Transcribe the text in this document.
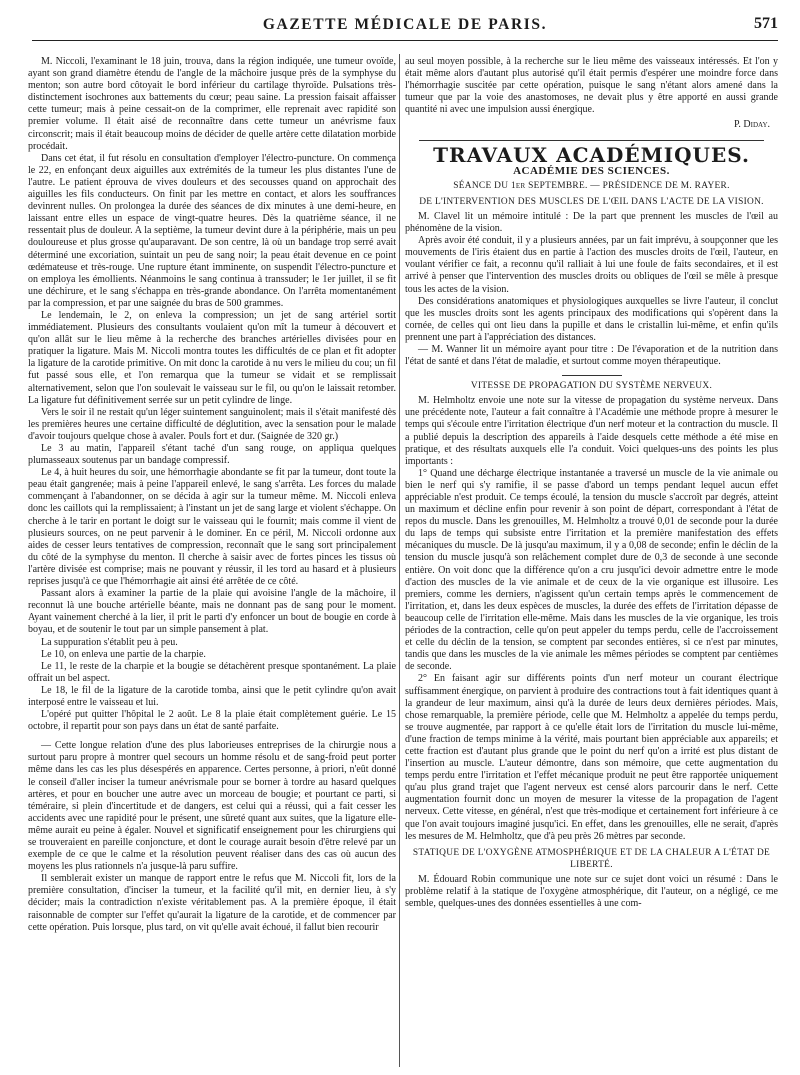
GAZETTE MÉDICALE DE PARIS.	571

M. Niccoli, l'examinant le 18 juin, trouva, dans la région indiquée, une tumeur ovoïde, ayant son grand diamètre étendu de l'angle de la mâchoire jusque près de la symphyse du menton; son autre bord côtoyait le bord inférieur du cartilage thyroïde. Pulsations très-distinctement isochrones aux battements du cœur; peau saine. La pression faisait affaisser cette tumeur; mais à peine cessait-on de la comprimer, elle reprenait avec rapidité son premier volume. Il était aisé de reconnaître dans cette tumeur un anévrisme faux circonscrit; mais il était beaucoup moins de décider de quelle artère cette dilatation morbide procédait.

Dans cet état, il fut résolu en consultation d'employer l'électro-puncture. On commença le 22, en enfonçant deux aiguilles aux extrémités de la tumeur les plus distantes l'une de l'autre. Le patient éprouva de vives douleurs et des secousses quand on approchait des aiguilles les fils conducteurs. On finit par les mettre en contact, et alors les souffrances devinrent nulles. On prolongea la durée des séances de dix minutes à une demi-heure, en laissant entre elles un espace de vingt-quatre heures. Dès la quatrième séance, il ne ressentait plus de douleur. A la septième, la tumeur devint dure à la périphérie, mais un peu douloureuse et plus grosse qu'auparavant. De son centre, là où un bandage trop serré avait déterminé une excoriation, suintait un peu de sang noir; la peau était devenue en ce point œdémateuse et très-rouge. Une rupture étant imminente, on suspendit l'électro-puncture et on employa les émollients. Néanmoins le sang continua à transsuder; le 1er juillet, il se fit une déchirure, et le sang s'échappa en très-grande abondance. On l'arrêta momentanément par la compression, et par une saignée du bras de 500 grammes.

Le lendemain, le 2, on enleva la compression; un jet de sang artériel sortit immédiatement. Plusieurs des consultants voulaient qu'on mît la tumeur à découvert et qu'on allât sur le lieu même à la recherche des branches artérielles divisées pour en pratiquer la ligature. Mais M. Niccoli montra toutes les difficultés de ce plan et fit adopter la ligature de la carotide primitive. On mit donc la carotide à nu vers le milieu du cou; un fil fut passé sous elle, et l'on remarqua que la tumeur se vidait et se remplissait alternativement, selon que l'on soulevait le vaisseau sur le fil, ou qu'on le laissait retomber. La ligature fut définitivement serrée sur un petit cylindre de linge.

Vers le soir il ne restait qu'un léger suintement sanguinolent; mais il s'était manifesté dès les premières heures une certaine difficulté de déglutition, avec la sensation pour le malade d'avoir toujours quelque chose à avaler. Pouls fort et dur. (Saignée de 320 gr.)

Le 3 au matin, l'appareil s'étant taché d'un sang rouge, on appliqua quelques plumasseaux soutenus par un bandage compressif.

Le 4, à huit heures du soir, une hémorrhagie abondante se fit par la tumeur, dont toute la peau était gangrenée; mais à peine l'appareil enlevé, le sang s'arrêta. Les forces du malade commençant à l'abandonner, on se décida à agir sur la tumeur même. M. Niccoli enleva donc les caillots qui la remplissaient; à l'instant un jet de sang large et violent s'échappe. On cherche à le tarir en portant le doigt sur le vaisseau qui le fournit; mais comme il vient de plusieurs sources, on ne peut parvenir à le dominer. En ce péril, M. Niccoli ordonne aux aides de cesser leurs tentatives de compression, reconnaît que le sang sort principalement du côté de la symphyse du menton. Il cherche à saisir avec de fortes pinces les tissus où l'artère divisée est comprise; mais ne pouvant y réussir, il les tord au hasard et à plusieurs reprises jusqu'à ce que l'hémorrhagie ait ainsi été arrêtée de ce côté.

Passant alors à examiner la partie de la plaie qui avoisine l'angle de la mâchoire, il reconnut là une bouche artérielle béante, mais ne donnant pas de sang pour le moment. Ayant vainement cherché à la lier, il prit le parti d'y enfoncer un bout de bougie en corde à boyau, et de soutenir le tout par un simple pansement à plat.

La suppuration s'établit peu à peu.

Le 10, on enleva une partie de la charpie.

Le 11, le reste de la charpie et la bougie se détachèrent presque spontanément. La plaie offrait un bel aspect.

Le 18, le fil de la ligature de la carotide tomba, ainsi que le petit cylindre qu'on avait interposé entre le vaisseau et lui.

L'opéré put quitter l'hôpital le 2 août. Le 8 la plaie était complètement guérie. Le 15 octobre, il repartit pour son pays dans un état de santé parfaite.

— Cette longue relation d'une des plus laborieuses entreprises de la chirurgie nous a surtout paru propre à montrer quel secours un homme résolu et de sang-froid peut porter même dans les cas les plus désespérés en apparence. Certes personne, à priori, n'eût donné le conseil d'aller inciser la tumeur anévrismale pour se borner à tordre au hasard quelques artères, et pour en boucher une autre avec un morceau de bougie; et pourtant ce parti, si téméraire, si plein d'incertitude et de dangers, est celui qui a réussi, qui a fait cesser les accidents avec une rapidité pour le présent, une sûreté quant aux suites, que la ligature elle-même aurait eu peine à égaler. Nouvel et significatif enseignement pour les chirurgiens qui se trouveraient en pareille conjoncture, et dont le courage aurait besoin d'être relevé par un exemple de ce que le calme et la résolution peuvent réaliser dans des cas où aucun des moyens les plus rationnels n'a jusque-là paru suffire.

Il semblerait exister un manque de rapport entre le refus que M. Niccoli fit, lors de la première consultation, d'inciser la tumeur, et la facilité qu'il mit, en dernier lieu, à s'y décider; mais la contradiction n'existe véritablement pas. A la première époque, il était raisonnable de compter sur l'effet qu'aurait la ligature de la carotide, et de commencer par cette opération. Puis lorsque, plus tard, on vit qu'elle avait échoué, il fallut bien recourir

au seul moyen possible, à la recherche sur le lieu même des vaisseaux intéressés. Et l'on y était même alors d'autant plus autorisé qu'il était permis d'espérer une moindre force dans l'hémorrhagie suscitée par cette opération, puisque le sang n'étant alors amené dans la tumeur que par la voie des anastomoses, ne devait plus y être apporté en aussi grande quantité ni avec une impulsion aussi énergique.

P. Diday.

TRAVAUX ACADÉMIQUES.
ACADÉMIE DES SCIENCES.
SÉANCE DU 1er SEPTEMBRE. — PRÉSIDENCE DE M. RAYER.
DE L'INTERVENTION DES MUSCLES DE L'ŒIL DANS L'ACTE DE LA VISION.

M. Clavel lit un mémoire intitulé : De la part que prennent les muscles de l'œil au phénomène de la vision.

Après avoir été conduit, il y a plusieurs années, par un fait imprévu, à soupçonner que les mouvements de l'iris étaient dus en partie à l'action des muscles droits de l'œil, l'auteur, en voulant vérifier ce fait, a reconnu qu'il ralliait à lui une foule de faits secondaires, et il est arrivé à penser que l'intervention des muscles droits ou obliques de l'œil se mêle à presque tous les actes de la vision.

Des considérations anatomiques et physiologiques auxquelles se livre l'auteur, il conclut que les muscles droits sont les agents principaux des modifications qui s'opèrent dans la cornée, de celles qui ont lieu dans la pupille et dans le cristallin lui-même, et enfin qu'ils prennent une part à l'appréciation des distances.

— M. Wanner lit un mémoire ayant pour titre : De l'évaporation et de la nutrition dans l'état de santé et dans l'état de maladie, et surtout comme moyen thérapeutique.

VITESSE DE PROPAGATION DU SYSTÈME NERVEUX.

M. Helmholtz envoie une note sur la vitesse de propagation du système nerveux. Dans une précédente note, l'auteur a fait connaître à l'Académie une méthode propre à mesurer le temps qui s'écoule entre l'irritation électrique d'un nerf moteur et la contraction du muscle. Il a publié depuis la description des appareils à l'aide desquels cette méthode a été mise en pratique, et des résultats auxquels elle l'a conduit. Voici quelques-uns des points les plus importants :

1° Quand une décharge électrique instantanée a traversé un muscle de la vie animale ou bien le nerf qui s'y ramifie, il se passe d'abord un temps pendant lequel aucun effet appréciable n'est produit. Ce temps écoulé, la tension du muscle s'accroît par degrés, atteint un maximum et décline enfin pour revenir à son point de départ, correspondant à l'état de repos du muscle. Dans les grenouilles, M. Helmholtz a trouvé 0,01 de seconde pour la durée du laps de temps qui subsiste entre l'irritation et la première manifestation des effets mécaniques du muscle. De là jusqu'au maximum, il y a 0,08 de seconde; enfin le déclin de la tension du muscle jusqu'à son relâchement complet dure de 0,3 de seconde à une seconde entière. On voit donc que la différence qu'on a cru jusqu'ici devoir admettre entre le mode d'action des muscles de la vie animale et de ceux de la vie organique est illusoire. Les premiers, comme les derniers, n'agissent qu'un certain temps après le commencement de l'irritation, et, dans les deux espèces de muscles, la durée des effets de l'irritation dépasse de beaucoup celle de l'irritation elle-même. Mais dans les muscles de la vie organique, les trois périodes de la contraction, celle qu'on peut appeler du temps perdu, celle de l'accroissement et celle du déclin de la tension, se comptent par secondes entières, si ce n'est par minutes, tandis que dans les muscles de la vie animale les mêmes périodes se comptent par centièmes de seconde.

2° En faisant agir sur différents points d'un nerf moteur un courant électrique suffisamment énergique, on parvient à produire des contractions tout à fait identiques quant à la grandeur de leur maximum, ainsi qu'à la durée de leurs deux dernières périodes. Mais, chose remarquable, la première période, celle que M. Helmholtz a appelée du temps perdu, se trouve augmentée, par rapport à ce qu'elle était lors de l'irritation du muscle lui-même, d'une fraction de temps minime à la vérité, mais pourtant bien appréciable aux appareils; et cette fraction est d'autant plus grande que le point du nerf qu'on a irrité est plus distant de l'insertion au muscle. L'auteur démontre, dans son mémoire, que cette augmentation du temps perdu entre l'irritation et l'effet mécanique produit ne peut être rapportée uniquement qu'au plus grand trajet que l'agent nerveux est censé alors parcourir dans le nerf. Cette augmentation fournit donc un moyen de mesurer la vitesse de la propagation de l'agent nerveux. Cette vitesse, en général, n'est que très-modique et certainement fort inférieure à ce que l'on avait toujours imaginé jusqu'ici. En effet, dans les grenouilles, elle ne serait, d'après les mesures de M. Helmholtz, que d'à peu près 26 mètres par seconde.

STATIQUE DE L'OXYGÈNE ATMOSPHÉRIQUE ET DE LA CHALEUR A L'ÉTAT DE LIBERTÉ.

M. Édouard Robin communique une note sur ce sujet dont voici un résumé : Dans le problème relatif à la statique de l'oxygène atmosphérique, dit l'auteur, on a négligé, ce me semble, quelques-unes des données essentielles à une com-
